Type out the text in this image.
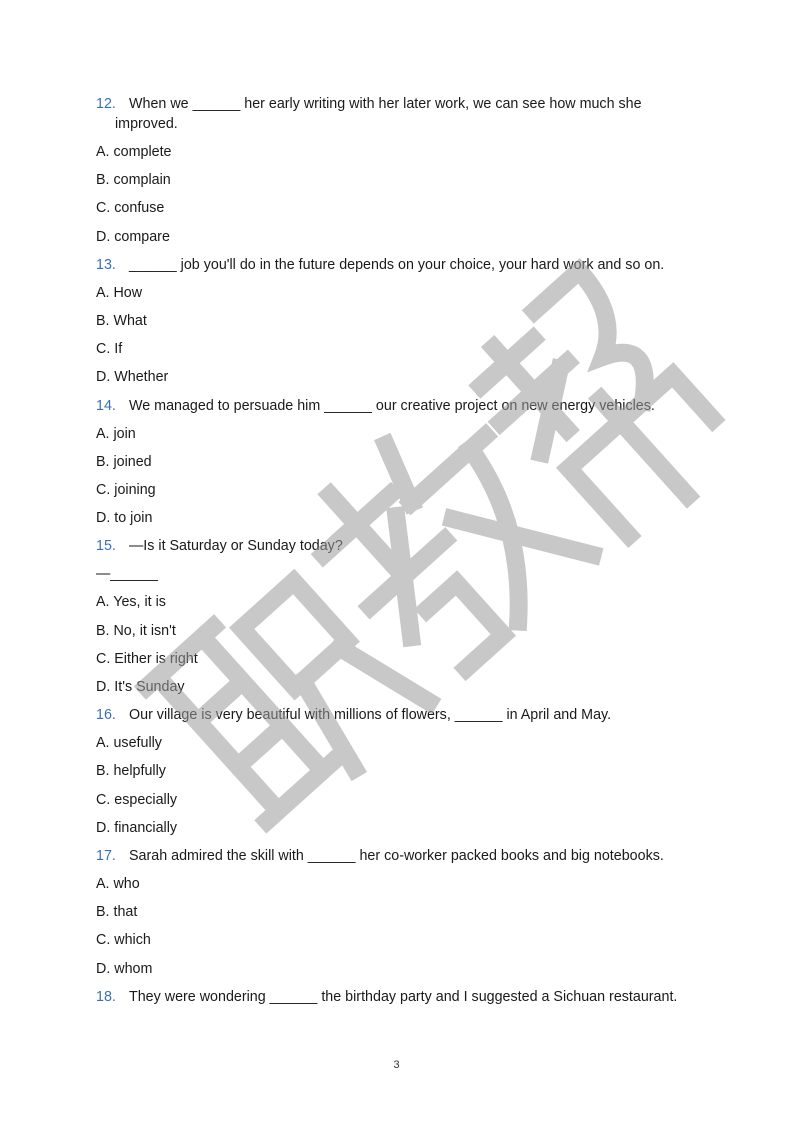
12. When we ______ her early writing with her later work, we can see how much she

improved.
A. complete
B. complain
C. confuse
D. compare
13. ______ job you'll do in the future depends on your choice, your hard work and so on.
A. How
B. What
C. If
D. Whether
14. We managed to persuade him ______ our creative project on new energy vehicles.
A. join
B. joined
C. joining
D. to join
15. —Is it Saturday or Sunday today?
—______
A. Yes, it is
B. No, it isn't
C. Either is right
D. It's Sunday
16. Our village is very beautiful with millions of flowers, ______ in April and May.
A. usefully
B. helpfully
C. especially
D. financially
17. Sarah admired the skill with ______ her co-worker packed books and big notebooks.
A. who
B. that
C. which
D. whom
18. They were wondering ______ the birthday party and I suggested a Sichuan restaurant.
3
